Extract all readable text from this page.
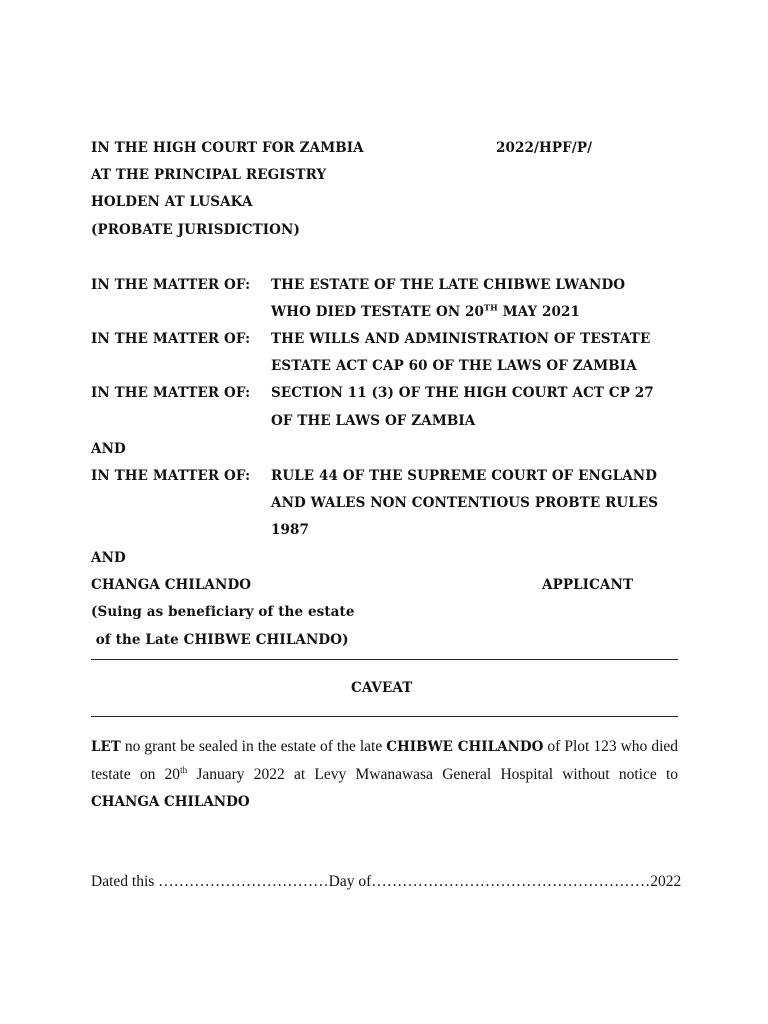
IN THE HIGH COURT FOR ZAMBIA	2022/HPF/P/
AT THE PRINCIPAL REGISTRY
HOLDEN AT LUSAKA
(PROBATE JURISDICTION)
IN THE MATTER OF: THE ESTATE OF THE LATE CHIBWE LWANDO
WHO DIED TESTATE ON 20TH MAY 2021
IN THE MATTER OF: THE WILLS AND ADMINISTRATION OF TESTATE
ESTATE ACT CAP 60 OF THE LAWS OF ZAMBIA
IN THE MATTER OF: SECTION 11 (3) OF THE HIGH COURT ACT CP 27
OF THE LAWS OF ZAMBIA
AND
IN THE MATTER OF: RULE 44 OF THE SUPREME COURT OF ENGLAND
AND WALES NON CONTENTIOUS PROBTE RULES
1987
AND
CHANGA CHILANDO	APPLICANT
(Suing as beneficiary of the estate
of the Late CHIBWE CHILANDO)
CAVEAT
LET no grant be sealed in the estate of the late CHIBWE CHILANDO of Plot 123 who died testate on 20th January 2022 at Levy Mwanawasa General Hospital without notice to CHANGA CHILANDO
Dated this ……………………………Day of………………………………………………2022
